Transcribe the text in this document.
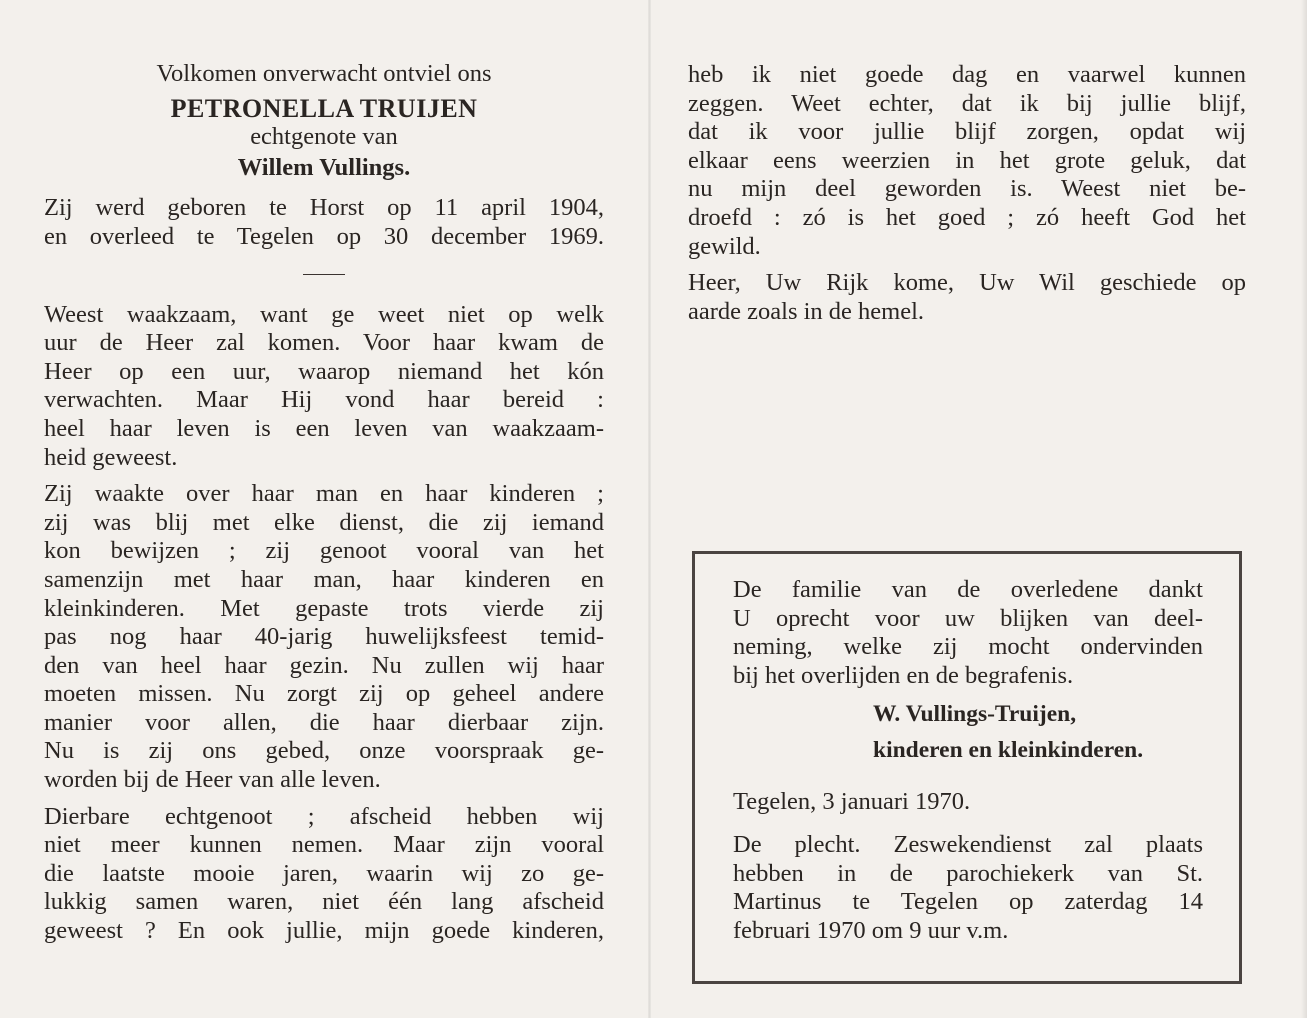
Volkomen onverwacht ontviel ons
PETRONELLA TRUIJEN
echtgenote van
Willem Vullings.
Zij werd geboren te Horst op 11 april 1904,
en overleed te Tegelen op 30 december 1969.
Weest waakzaam, want ge weet niet op welk
uur de Heer zal komen. Voor haar kwam de
Heer op een uur, waarop niemand het kón
verwachten. Maar Hij vond haar bereid :
heel haar leven is een leven van waakzaam-
heid geweest.
Zij waakte over haar man en haar kinderen ;
zij was blij met elke dienst, die zij iemand
kon bewijzen ; zij genoot vooral van het
samenzijn met haar man, haar kinderen en
kleinkinderen. Met gepaste trots vierde zij
pas nog haar 40-jarig huwelijksfeest temid-
den van heel haar gezin. Nu zullen wij haar
moeten missen. Nu zorgt zij op geheel andere
manier voor allen, die haar dierbaar zijn.
Nu is zij ons gebed, onze voorspraak ge-
worden bij de Heer van alle leven.
Dierbare echtgenoot ; afscheid hebben wij
niet meer kunnen nemen. Maar zijn vooral
die laatste mooie jaren, waarin wij zo ge-
lukkig samen waren, niet één lang afscheid
geweest ? En ook jullie, mijn goede kinderen,
heb ik niet goede dag en vaarwel kunnen
zeggen. Weet echter, dat ik bij jullie blijf,
dat ik voor jullie blijf zorgen, opdat wij
elkaar eens weerzien in het grote geluk, dat
nu mijn deel geworden is. Weest niet be-
droefd : zó is het goed ; zó heeft God het
gewild.
Heer, Uw Rijk kome, Uw Wil geschiede op
aarde zoals in de hemel.
De familie van de overledene dankt
U oprecht voor uw blijken van deel-
neming, welke zij mocht ondervinden
bij het overlijden en de begrafenis.
W. Vullings-Truijen,
kinderen en kleinkinderen.
Tegelen, 3 januari 1970.
De plecht. Zeswekendienst zal plaats
hebben in de parochiekerk van St.
Martinus te Tegelen op zaterdag 14
februari 1970 om 9 uur v.m.
